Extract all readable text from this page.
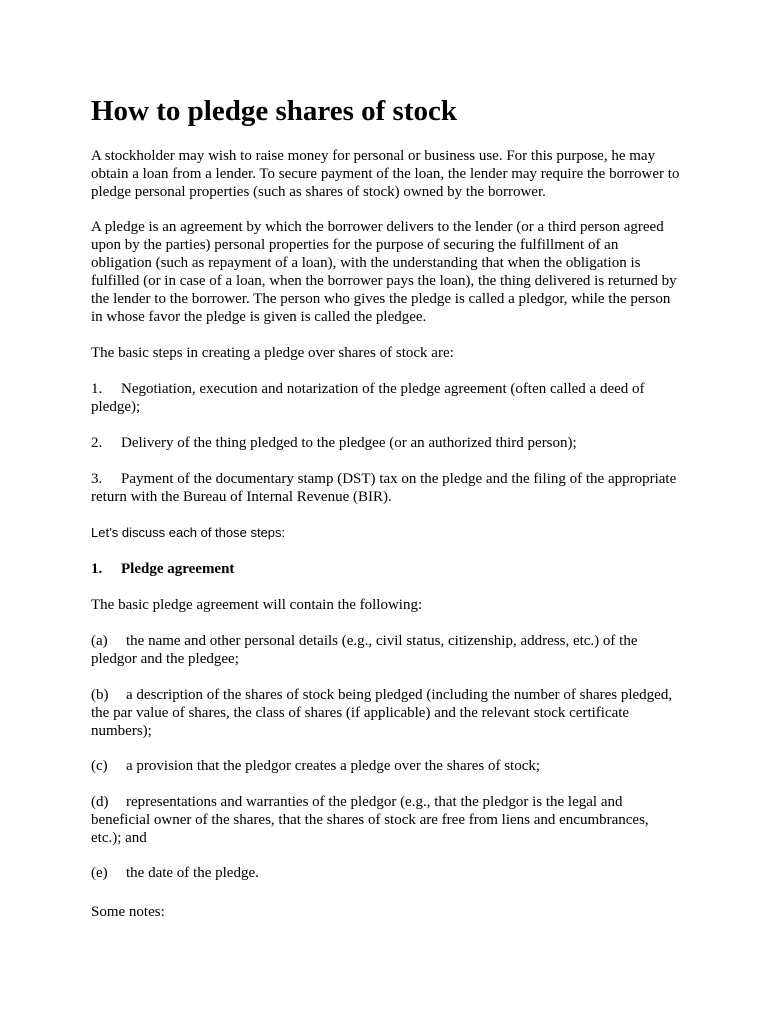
How to pledge shares of stock

A stockholder may wish to raise money for personal or business use. For this purpose, he may obtain a loan from a lender. To secure payment of the loan, the lender may require the borrower to pledge personal properties (such as shares of stock) owned by the borrower.

A pledge is an agreement by which the borrower delivers to the lender (or a third person agreed upon by the parties) personal properties for the purpose of securing the fulfillment of an obligation (such as repayment of a loan), with the understanding that when the obligation is fulfilled (or in case of a loan, when the borrower pays the loan), the thing delivered is returned by the lender to the borrower. The person who gives the pledge is called a pledgor, while the person in whose favor the pledge is given is called the pledgee.

The basic steps in creating a pledge over shares of stock are:

1. Negotiation, execution and notarization of the pledge agreement (often called a deed of pledge);

2. Delivery of the thing pledged to the pledgee (or an authorized third person);

3. Payment of the documentary stamp (DST) tax on the pledge and the filing of the appropriate return with the Bureau of Internal Revenue (BIR).

Let’s discuss each of those steps:

1. Pledge agreement

The basic pledge agreement will contain the following:

(a) the name and other personal details (e.g., civil status, citizenship, address, etc.) of the pledgor and the pledgee;

(b) a description of the shares of stock being pledged (including the number of shares pledged, the par value of shares, the class of shares (if applicable) and the relevant stock certificate numbers);

(c) a provision that the pledgor creates a pledge over the shares of stock;

(d) representations and warranties of the pledgor (e.g., that the pledgor is the legal and beneficial owner of the shares, that the shares of stock are free from liens and encumbrances, etc.); and

(e) the date of the pledge.

Some notes:
